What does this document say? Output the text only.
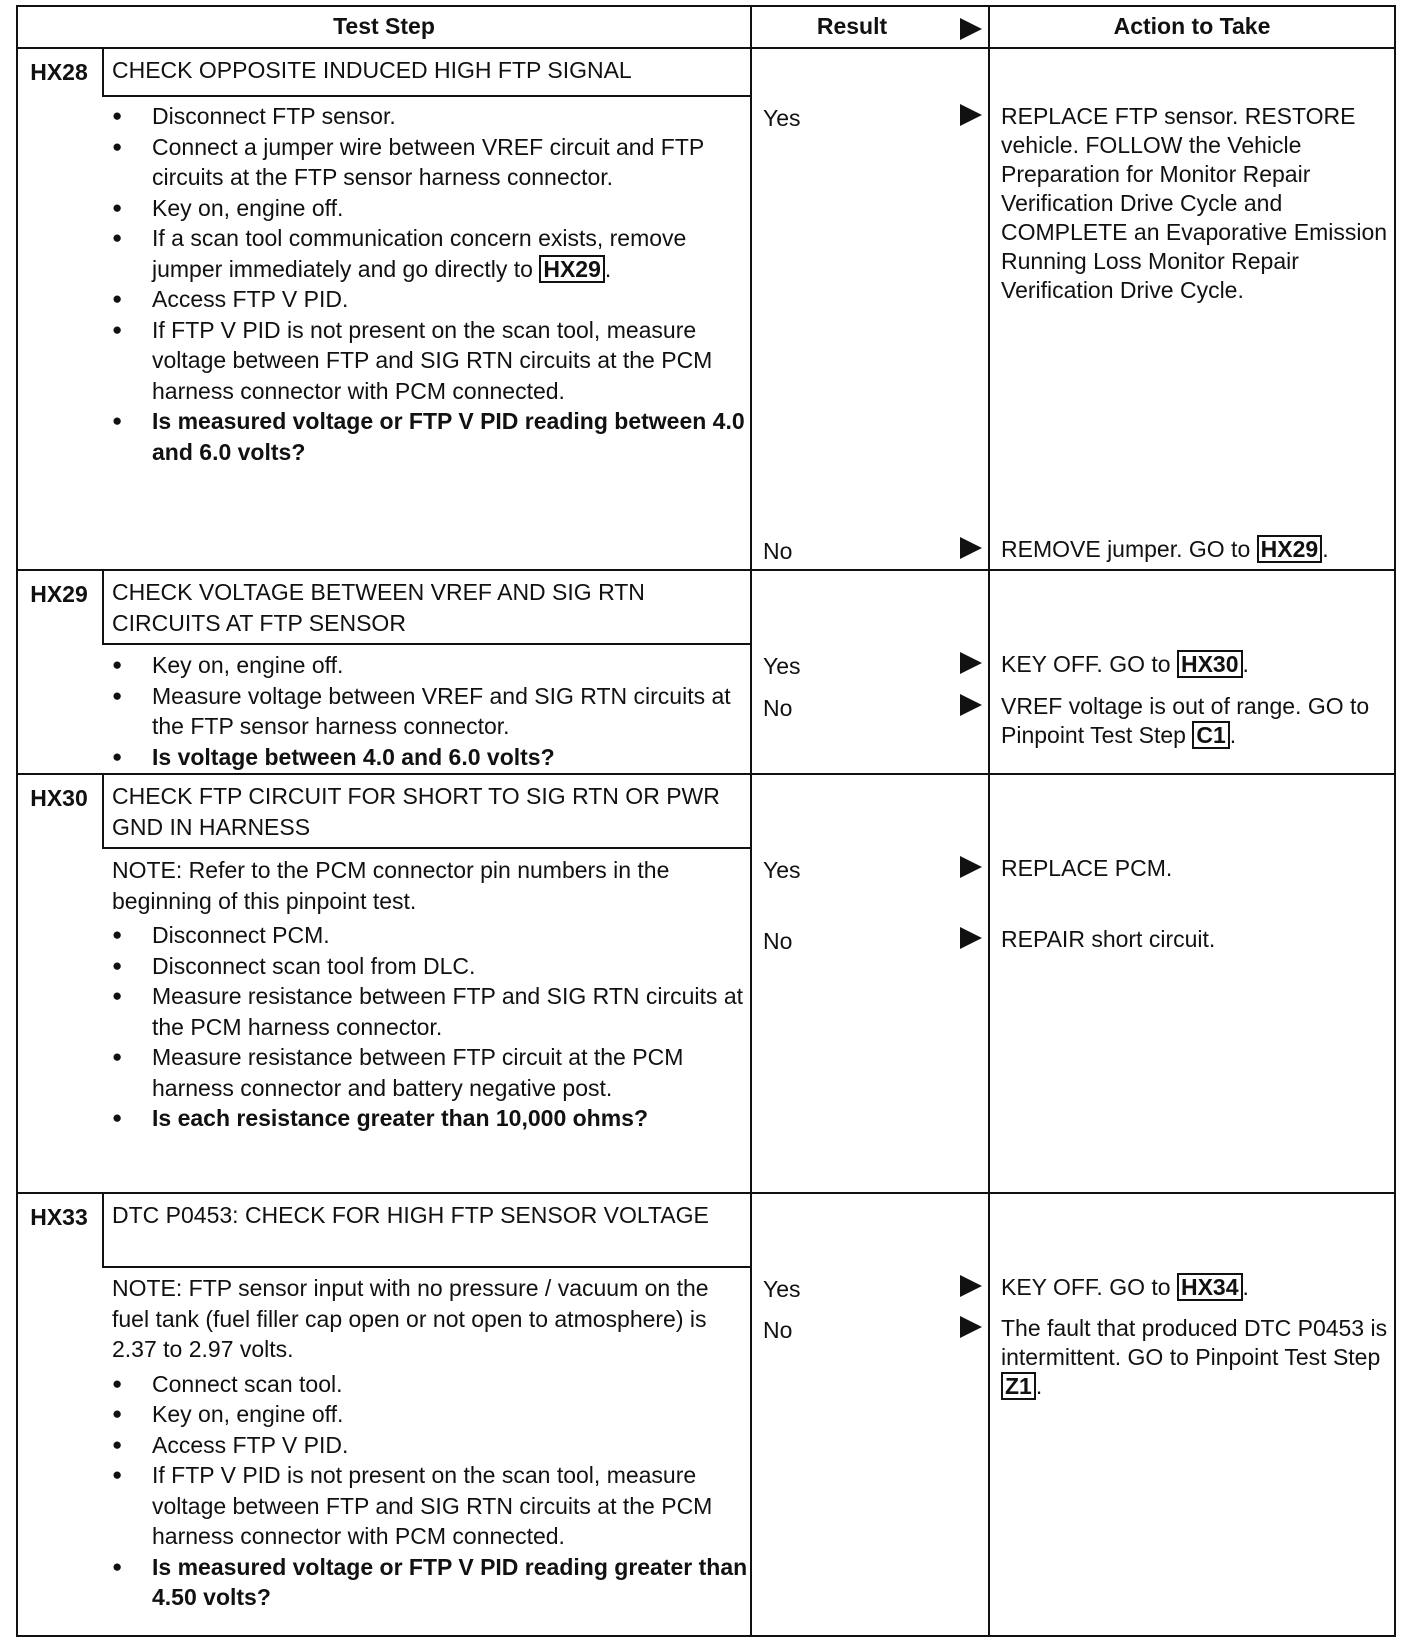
Test Step	Result	Action to Take
HX28	CHECK OPPOSITE INDUCED HIGH FTP SIGNAL
● Disconnect FTP sensor.
● Connect a jumper wire between VREF circuit and FTP circuits at the FTP sensor harness connector.
● Key on, engine off.
● If a scan tool communication concern exists, remove jumper immediately and go directly to HX29 .
● Access FTP V PID.
● If FTP V PID is not present on the scan tool, measure voltage between FTP and SIG RTN circuits at the PCM harness connector with PCM connected.
● Is measured voltage or FTP V PID reading between 4.0 and 6.0 volts?
Yes	REPLACE FTP sensor. RESTORE vehicle. FOLLOW the Vehicle Preparation for Monitor Repair Verification Drive Cycle and COMPLETE an Evaporative Emission Running Loss Monitor Repair Verification Drive Cycle.
No	REMOVE jumper. GO to HX29 .
HX29	CHECK VOLTAGE BETWEEN VREF AND SIG RTN CIRCUITS AT FTP SENSOR
● Key on, engine off.
● Measure voltage between VREF and SIG RTN circuits at the FTP sensor harness connector.
● Is voltage between 4.0 and 6.0 volts?
Yes	KEY OFF. GO to HX30 .
No	VREF voltage is out of range. GO to Pinpoint Test Step C1 .
HX30	CHECK FTP CIRCUIT FOR SHORT TO SIG RTN OR PWR GND IN HARNESS
NOTE: Refer to the PCM connector pin numbers in the beginning of this pinpoint test.
● Disconnect PCM.
● Disconnect scan tool from DLC.
● Measure resistance between FTP and SIG RTN circuits at the PCM harness connector.
● Measure resistance between FTP circuit at the PCM harness connector and battery negative post.
● Is each resistance greater than 10,000 ohms?
Yes	REPLACE PCM.
No	REPAIR short circuit.
HX33	DTC P0453: CHECK FOR HIGH FTP SENSOR VOLTAGE
NOTE: FTP sensor input with no pressure / vacuum on the fuel tank (fuel filler cap open or not open to atmosphere) is 2.37 to 2.97 volts.
● Connect scan tool.
● Key on, engine off.
● Access FTP V PID.
● If FTP V PID is not present on the scan tool, measure voltage between FTP and SIG RTN circuits at the PCM harness connector with PCM connected.
● Is measured voltage or FTP V PID reading greater than 4.50 volts?
Yes	KEY OFF. GO to HX34 .
No	The fault that produced DTC P0453 is intermittent. GO to Pinpoint Test Step Z1 .
